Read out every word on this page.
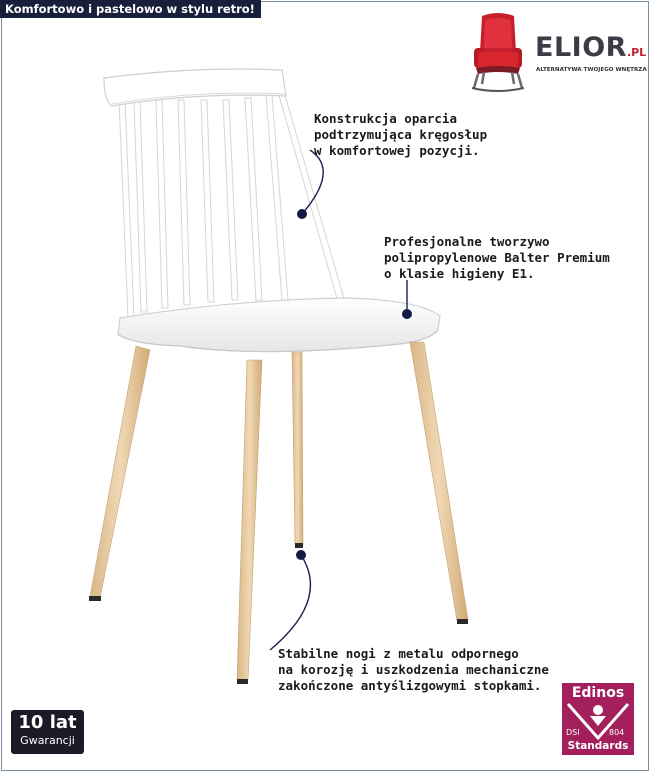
Komfortowo i pastelowo w stylu retro!
ELIOR.PL
ALTERNATYWA TWOJEGO WNĘTRZA

Konstrukcja oparcia
podtrzymująca kręgosłup
w komfortowej pozycji.

Profesjonalne tworzywo
polipropylenowe Balter Premium
o klasie higieny E1.

Stabilne nogi z metalu odpornego
na korozję i uszkodzenia mechaniczne
zakończone antyślizgowymi stopkami.

10 lat
Gwarancji
Edinos
DSI	804
Standards
